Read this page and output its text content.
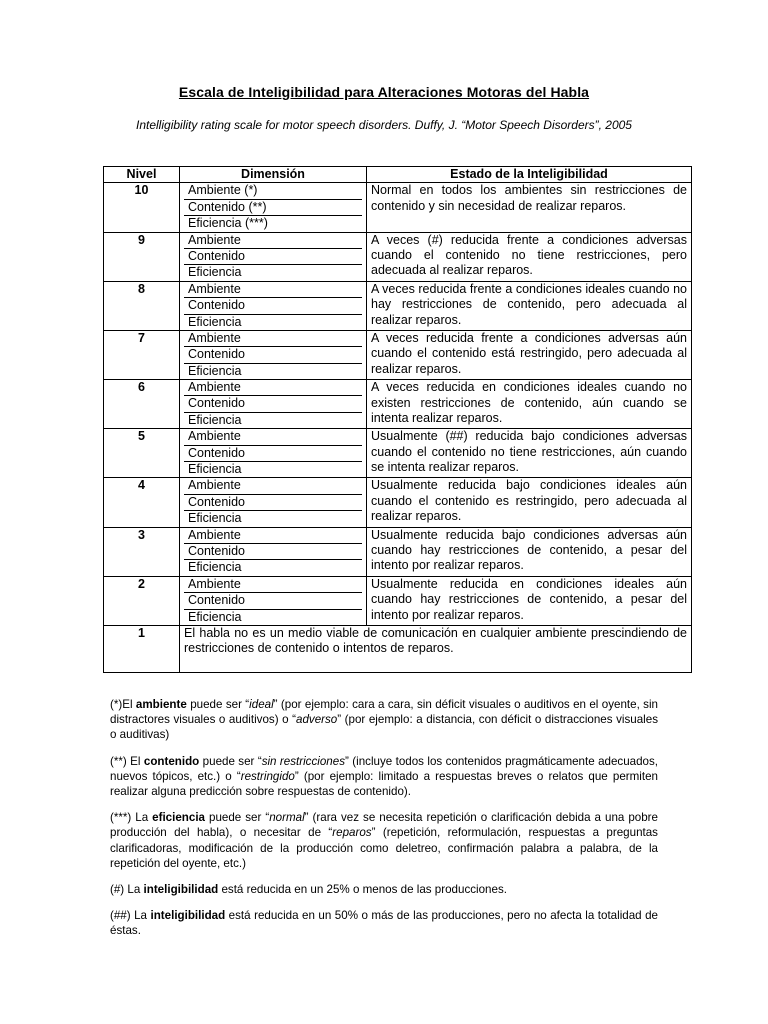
Escala de Inteligibilidad para Alteraciones Motoras del Habla
Intelligibility rating scale for motor speech disorders. Duffy, J. “Motor Speech Disorders”, 2005
Nivel	Dimensión	Estado de la Inteligibilidad
10	Ambiente (*)
Contenido (**)
Eficiencia (***)	Normal en todos los ambientes sin restricciones de contenido y sin necesidad de realizar reparos.
9	Ambiente
Contenido
Eficiencia	A veces (#) reducida frente a condiciones adversas cuando el contenido no tiene restricciones, pero adecuada al realizar reparos.
8	Ambiente
Contenido
Eficiencia	A veces reducida frente a condiciones ideales cuando no hay restricciones de contenido, pero adecuada al realizar reparos.
7	Ambiente
Contenido
Eficiencia	A veces reducida frente a condiciones adversas aún cuando el contenido está restringido, pero adecuada al realizar reparos.
6	Ambiente
Contenido
Eficiencia	A veces reducida en condiciones ideales cuando no existen restricciones de contenido, aún cuando se intenta realizar reparos.
5	Ambiente
Contenido
Eficiencia	Usualmente (##) reducida bajo condiciones adversas cuando el contenido no tiene restricciones, aún cuando se intenta realizar reparos.
4	Ambiente
Contenido
Eficiencia	Usualmente reducida bajo condiciones ideales aún cuando el contenido es restringido, pero adecuada al realizar reparos.
3	Ambiente
Contenido
Eficiencia	Usualmente reducida bajo condiciones adversas aún cuando hay restricciones de contenido, a pesar del intento por realizar reparos.
2	Ambiente
Contenido
Eficiencia	Usualmente reducida en condiciones ideales aún cuando hay restricciones de contenido, a pesar del intento por realizar reparos.
1	El habla no es un medio viable de comunicación en cualquier ambiente prescindiendo de restricciones de contenido o intentos de reparos.	

(*)El ambiente puede ser “ideal” (por ejemplo: cara a cara, sin déficit visuales o auditivos en el oyente, sin distractores visuales o auditivos) o “adverso” (por ejemplo: a distancia, con déficit o distracciones visuales o auditivas)

(**) El contenido puede ser “sin restricciones” (incluye todos los contenidos pragmáticamente adecuados, nuevos tópicos, etc.) o “restringido” (por ejemplo: limitado a respuestas breves o relatos que permiten realizar alguna predicción sobre respuestas de contenido).

(***) La eficiencia puede ser “normal” (rara vez se necesita repetición o clarificación debida a una pobre producción del habla), o necesitar de “reparos” (repetición, reformulación, respuestas a preguntas clarificadoras, modificación de la producción como deletreo, confirmación palabra a palabra, de la repetición del oyente, etc.)

(#) La inteligibilidad está reducida en un 25% o menos de las producciones.

(##) La inteligibilidad está reducida en un 50% o más de las producciones, pero no afecta la totalidad de éstas.
